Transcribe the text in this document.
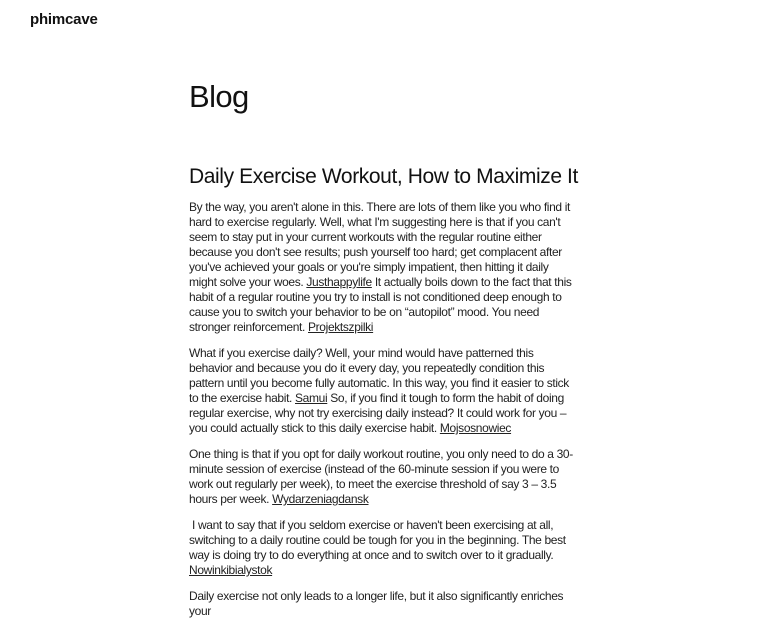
phimcave
Blog
Daily Exercise Workout, How to Maximize It

By the way, you aren't alone in this. There are lots of them like you who find it hard to exercise regularly. Well, what I'm suggesting here is that if you can't seem to stay put in your current workouts with the regular routine either because you don't see results; push yourself too hard; get complacent after you've achieved your goals or you're simply impatient, then hitting it daily might solve your woes. Justhappylife It actually boils down to the fact that this habit of a regular routine you try to install is not conditioned deep enough to cause you to switch your behavior to be on “autopilot” mood. You need stronger reinforcement. Projektszpilki

What if you exercise daily? Well, your mind would have patterned this behavior and because you do it every day, you repeatedly condition this pattern until you become fully automatic. In this way, you find it easier to stick to the exercise habit. Samui So, if you find it tough to form the habit of doing regular exercise, why not try exercising daily instead? It could work for you – you could actually stick to this daily exercise habit. Mojsosnowiec

One thing is that if you opt for daily workout routine, you only need to do a 30-minute session of exercise (instead of the 60-minute session if you were to work out regularly per week), to meet the exercise threshold of say 3 – 3.5 hours per week. Wydarzeniagdansk

I want to say that if you seldom exercise or haven't been exercising at all, switching to a daily routine could be tough for you in the beginning. The best way is doing try to do everything at once and to switch over to it gradually. Nowinkibialystok

Daily exercise not only leads to a longer life, but it also significantly enriches your
